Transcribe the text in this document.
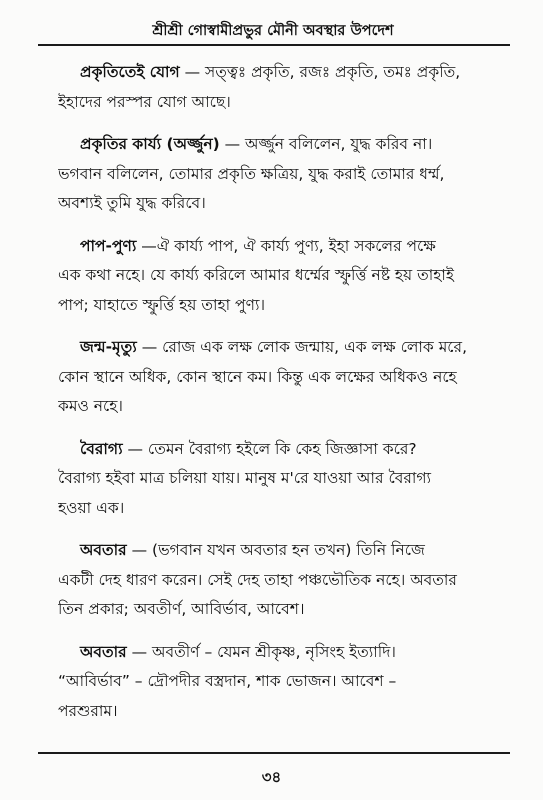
শ্রীশ্রী গোস্বামীপ্রভুর মৌনী অবস্থার উপদেশ

প্রকৃতিতেই যোগ — সত্ত্বঃ প্রকৃতি, রজঃ প্রকৃতি, তমঃ প্রকৃতি,
ইহাদের পরস্পর যোগ আছে।

প্রকৃতির কার্য্য (অর্জ্জুন) — অর্জ্জুন বলিলেন, যুদ্ধ করিব না।
ভগবান বলিলেন, তোমার প্রকৃতি ক্ষত্রিয়, যুদ্ধ করাই তোমার ধর্ম্ম,
অবশ্যই তুমি যুদ্ধ করিবে।

পাপ-পুণ্য —ঐ কার্য্য পাপ, ঐ কার্য্য পুণ্য, ইহা সকলের পক্ষে
এক কথা নহে। যে কার্য্য করিলে আমার ধর্ম্মের স্ফুর্ত্তি নষ্ট হয় তাহাই
পাপ; যাহাতে স্ফুর্ত্তি হয় তাহা পুণ্য।

জন্ম-মৃত্যু — রোজ এক লক্ষ লোক জন্মায়, এক লক্ষ লোক মরে,
কোন স্থানে অধিক, কোন স্থানে কম। কিন্তু এক লক্ষের অধিকও নহে
কমও নহে।

বৈরাগ্য — তেমন বৈরাগ্য হইলে কি কেহ জিজ্ঞাসা করে?
বৈরাগ্য হইবা মাত্র চলিয়া যায়। মানুষ ম'রে যাওয়া আর বৈরাগ্য
হওয়া এক।

অবতার — (ভগবান যখন অবতার হন তখন) তিনি নিজে
একটী দেহ ধারণ করেন। সেই দেহ তাহা পঞ্চভৌতিক নহে। অবতার
তিন প্রকার; অবতীর্ণ, আবির্ভাব, আবেশ।

অবতার — অবতীর্ণ – যেমন শ্রীকৃষ্ণ, নৃসিংহ ইত্যাদি।
“আবির্ভাব” – দ্রৌপদীর বস্ত্রদান, শাক ভোজন। আবেশ –
পরশুরাম।

৩৪
